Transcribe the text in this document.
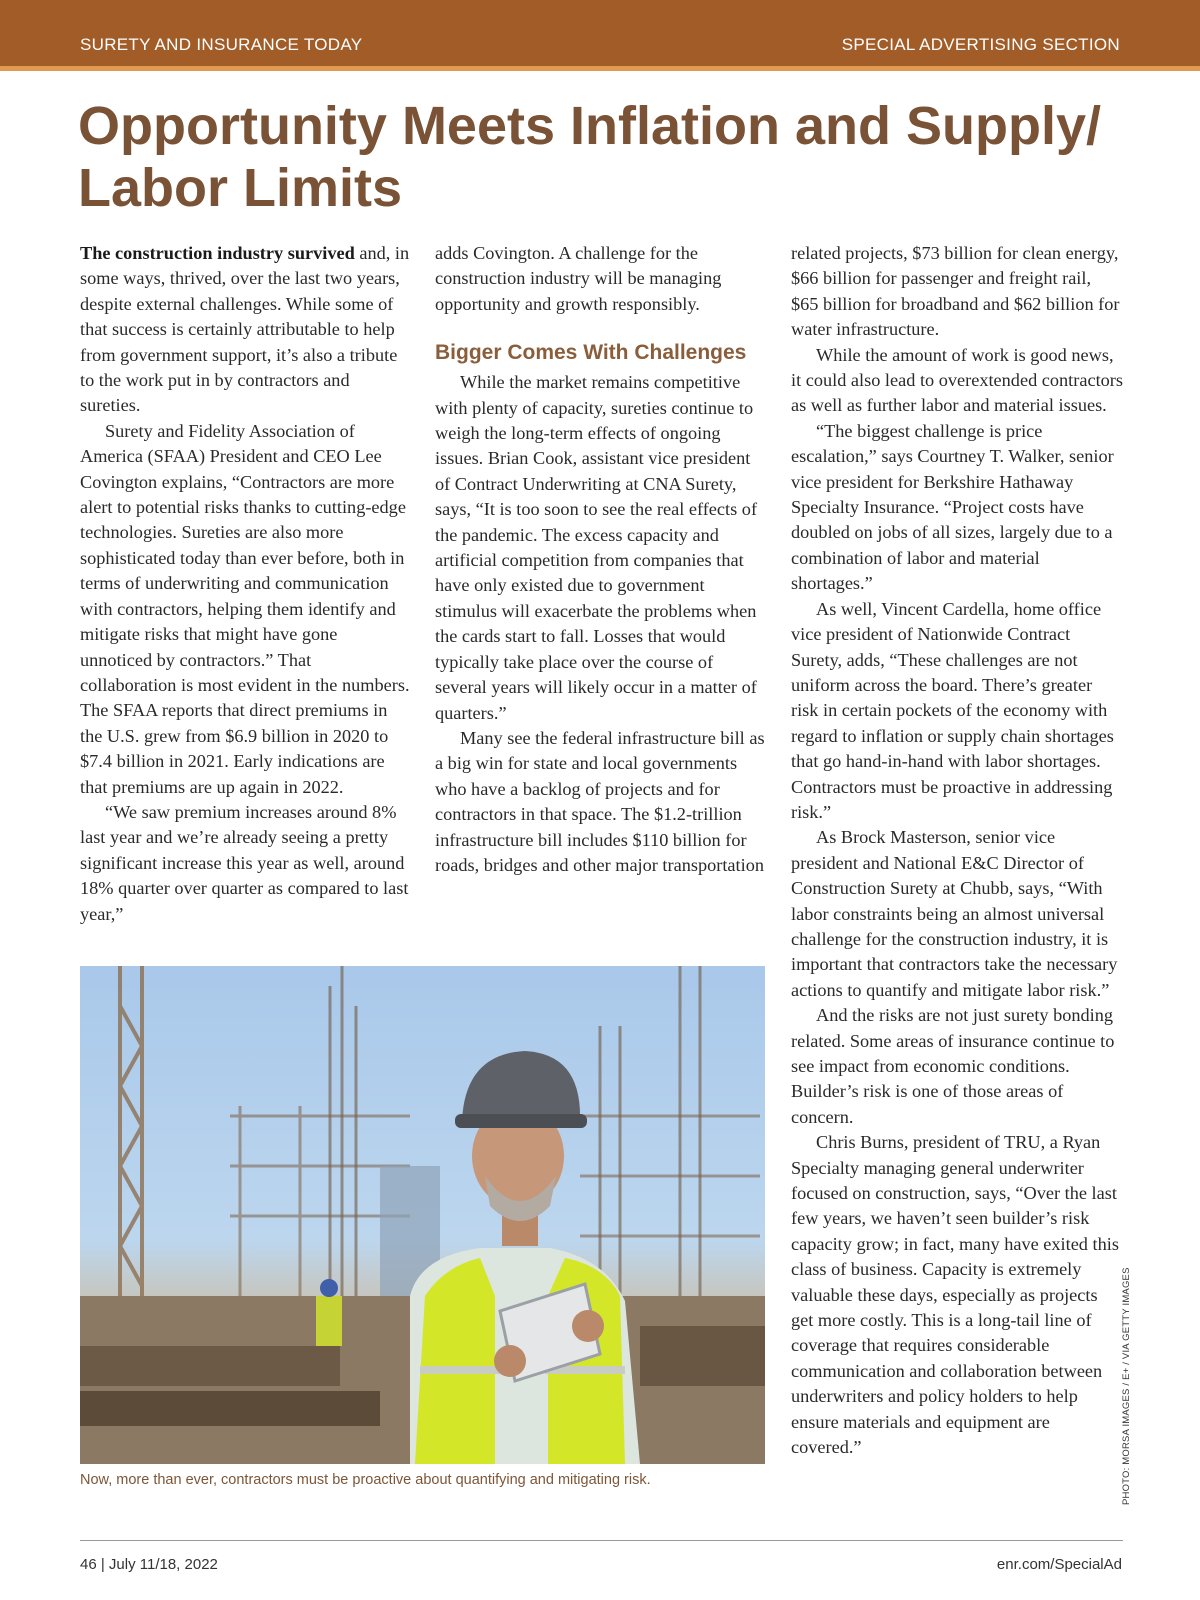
SURETY AND INSURANCE TODAY	SPECIAL ADVERTISING SECTION
Opportunity Meets Inflation and Supply/ Labor Limits

The construction industry survived and, in some ways, thrived, over the last two years, despite external challenges. While some of that success is certainly attributable to help from government support, it’s also a tribute to the work put in by contractors and sureties.

Surety and Fidelity Association of America (SFAA) President and CEO Lee Covington explains, “Contractors are more alert to potential risks thanks to cutting-edge technologies. Sureties are also more sophisticated today than ever before, both in terms of underwriting and communication with contractors, helping them identify and mitigate risks that might have gone unnoticed by contractors.” That collaboration is most evident in the numbers. The SFAA reports that direct premiums in the U.S. grew from $6.9 billion in 2020 to $7.4 billion in 2021. Early indications are that premiums are up again in 2022.

“We saw premium increases around 8% last year and we’re already seeing a pretty significant increase this year as well, around 18% quarter over quarter as compared to last year,”

adds Covington. A challenge for the construction industry will be managing opportunity and growth responsibly.

Bigger Comes With Challenges

While the market remains competitive with plenty of capacity, sureties continue to weigh the long-term effects of ongoing issues. Brian Cook, assistant vice president of Contract Underwriting at CNA Surety, says, “It is too soon to see the real effects of the pandemic. The excess capacity and artificial competition from companies that have only existed due to government stimulus will exacerbate the problems when the cards start to fall. Losses that would typically take place over the course of several years will likely occur in a matter of quarters.”

Many see the federal infrastructure bill as a big win for state and local governments who have a backlog of projects and for contractors in that space. The $1.2-trillion infrastructure bill includes $110 billion for roads, bridges and other major transportation

related projects, $73 billion for clean energy, $66 billion for passenger and freight rail, $65 billion for broadband and $62 billion for water infrastructure.

While the amount of work is good news, it could also lead to overextended contractors as well as further labor and material issues.

“The biggest challenge is price escalation,” says Courtney T. Walker, senior vice president for Berkshire Hathaway Specialty Insurance. “Project costs have doubled on jobs of all sizes, largely due to a combination of labor and material shortages.”

As well, Vincent Cardella, home office vice president of Nationwide Contract Surety, adds, “These challenges are not uniform across the board. There’s greater risk in certain pockets of the economy with regard to inflation or supply chain shortages that go hand-in-hand with labor shortages. Contractors must be proactive in addressing risk.”

As Brock Masterson, senior vice president and National E&C Director of Construction Surety at Chubb, says, “With labor constraints being an almost universal challenge for the construction industry, it is important that contractors take the necessary actions to quantify and mitigate labor risk.”

And the risks are not just surety bonding related. Some areas of insurance continue to see impact from economic conditions. Builder’s risk is one of those areas of concern.

Chris Burns, president of TRU, a Ryan Specialty managing general underwriter focused on construction, says, “Over the last few years, we haven’t seen builder’s risk capacity grow; in fact, many have exited this class of business. Capacity is extremely valuable these days, especially as projects get more costly. This is a long-tail line of coverage that requires considerable communication and collaboration between underwriters and policy holders to help ensure materials and equipment are covered.”

Now, more than ever, contractors must be proactive about quantifying and mitigating risk.	PHOTO: MORSA IMAGES / E+ / VIA GETTY IMAGES
46 | July 11/18, 2022	enr.com/SpecialAd
